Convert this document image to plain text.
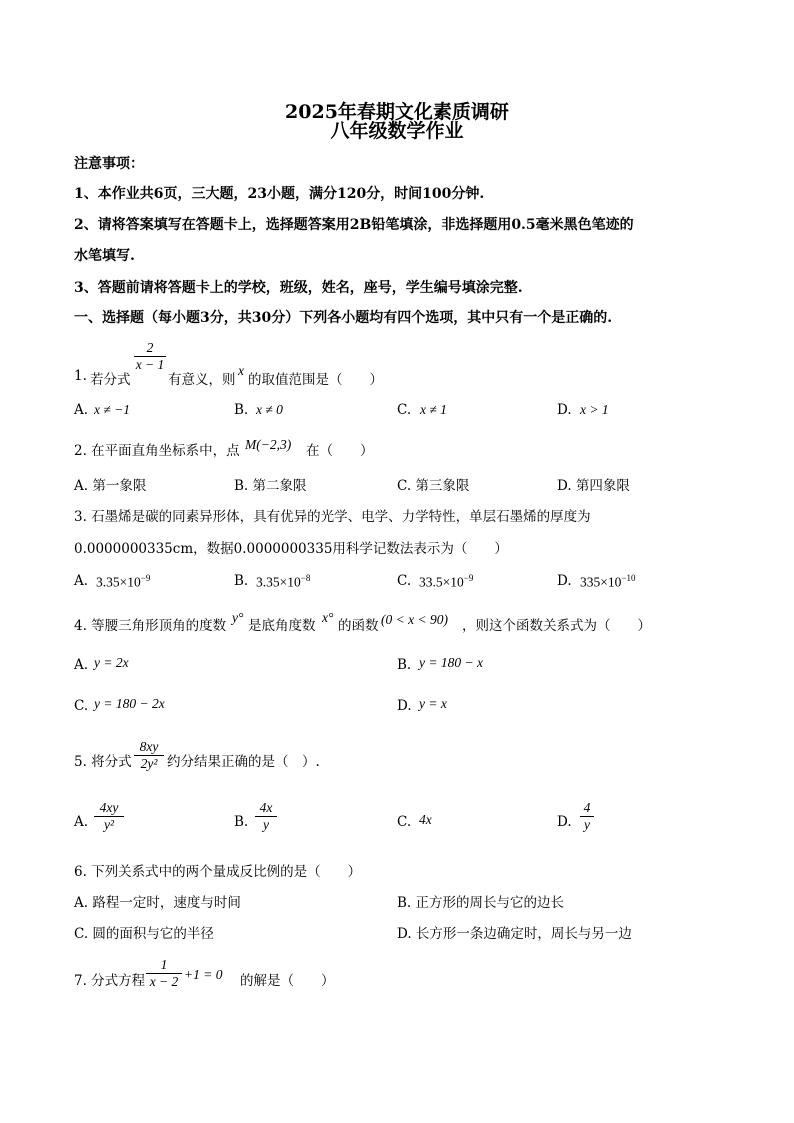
2025年春期文化素质调研
八年级数学作业
注意事项：
1、本作业共6页，三大题，23小题，满分120分，时间100分钟.
2、请将答案填写在答题卡上，选择题答案用2B铅笔填涂，非选择题用0.5毫米黑色笔迹的
水笔填写.
3、答题前请将答题卡上的学校，班级，姓名，座号，学生编号填涂完整.
一、选择题（每小题3分，共30分）下列各小题均有四个选项，其中只有一个是正确的.
1. 若分式
2
x − 1
有意义，则
x
的取值范围是（　　）
A. x ≠ −1	B. x ≠ 0	C. x ≠ 1	D. x > 1
2. 在平面直角坐标系中，点 M(−2,3) 在（　　）
A. 第一象限	B. 第二象限	C. 第三象限	D. 第四象限
3. 石墨烯是碳的同素异形体，具有优异的光学、电学、力学特性，单层石墨烯的厚度为
0.0000000335cm，数据0.0000000335用科学记数法表示为（　　）
A. $3.35\times 10^{-9}$	B. $3.35\times 10^{-8}$	C. $33.5\times 10^{-9}$	D. $335\times 10^{-10}$
4. 等腰三角形顶角的度数
y°
是底角度数
x°
的函数 (0 < x < 90) ，则这个函数关系式为（　　）
A. y = 2x	B. y = 180 − x
C. y = 180 − 2x	D. y = x
5. 将分式
8xy
2y² 约分结果正确的是（　）.
A.
4xy
y²	B.
4x
y	C. 4x	D.
4
y
6. 下列关系式中的两个量成反比例的是（　　）
A. 路程一定时，速度与时间	B. 正方形的周长与它的边长
C. 圆的面积与它的半径	D. 长方形一条边确定时，周长与另一边
7. 分式方程
1
x − 2 +1 = 0 的解是（　　）
